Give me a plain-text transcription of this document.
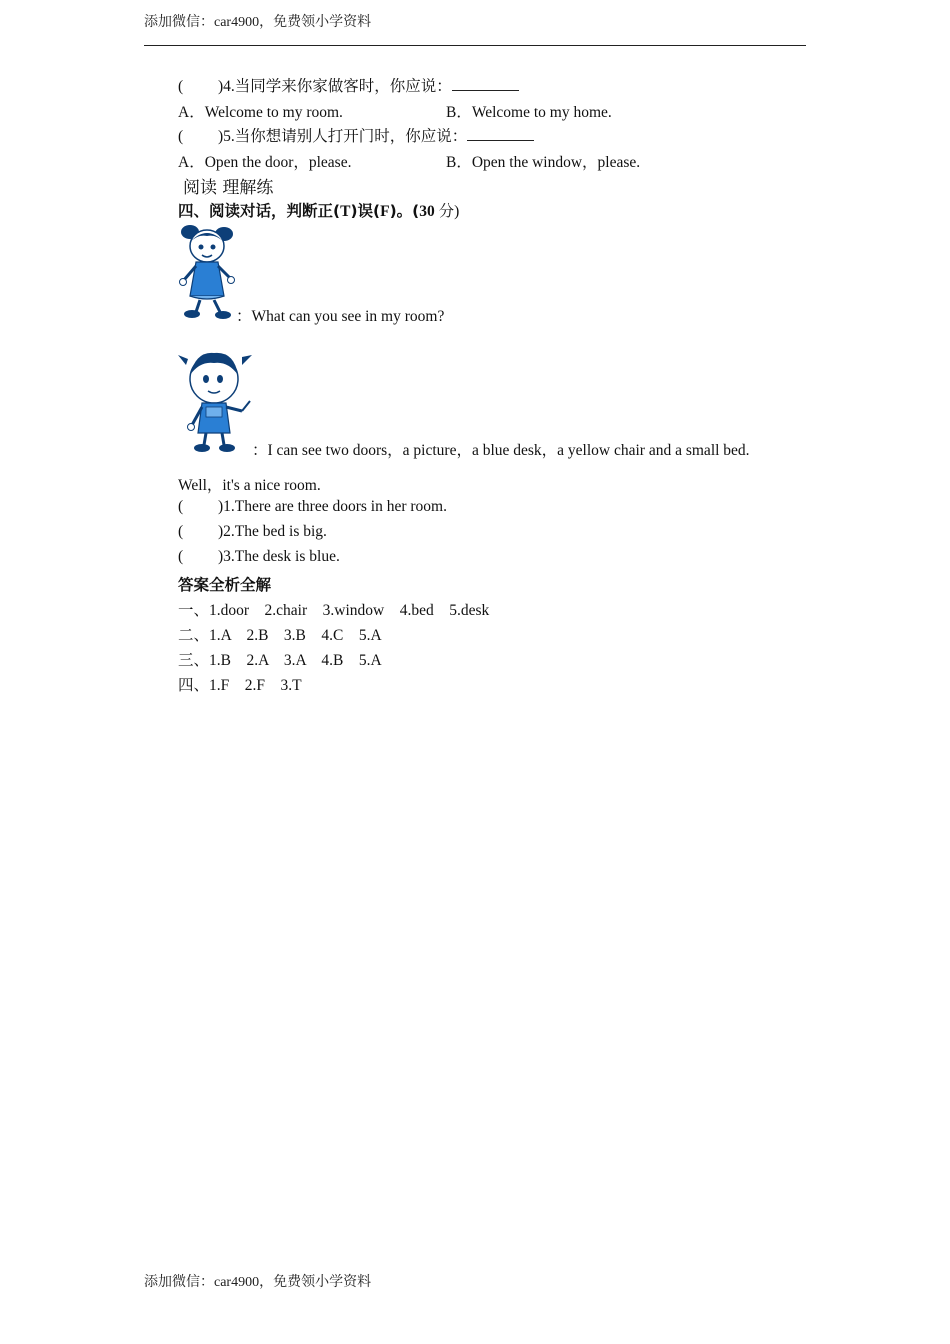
添加微信：car4900，免费领小学资料
( )4.当同学来你家做客时，你应说：
A．Welcome to my room.	B．Welcome to my home.
( )5.当你想请别人打开门时，你应说：
A．Open the door，please.	B．Open the window，please.
阅读 理解练
四、阅读对话，判断正(T)误(F)。(30 分)
：What can you see in my room?
：I can see two doors，a picture，a blue desk，a yellow chair and a small bed.
Well，it's a nice room.
( )1.There are three doors in her room.
( )2.The bed is big.
( )3.The desk is blue.
答案全析全解
一、1.door　2.chair　3.window　4.bed　5.desk
二、1.A　2.B　3.B　4.C　5.A
三、1.B　2.A　3.A　4.B　5.A
四、1.F　2.F　3.T
添加微信：car4900，免费领小学资料
